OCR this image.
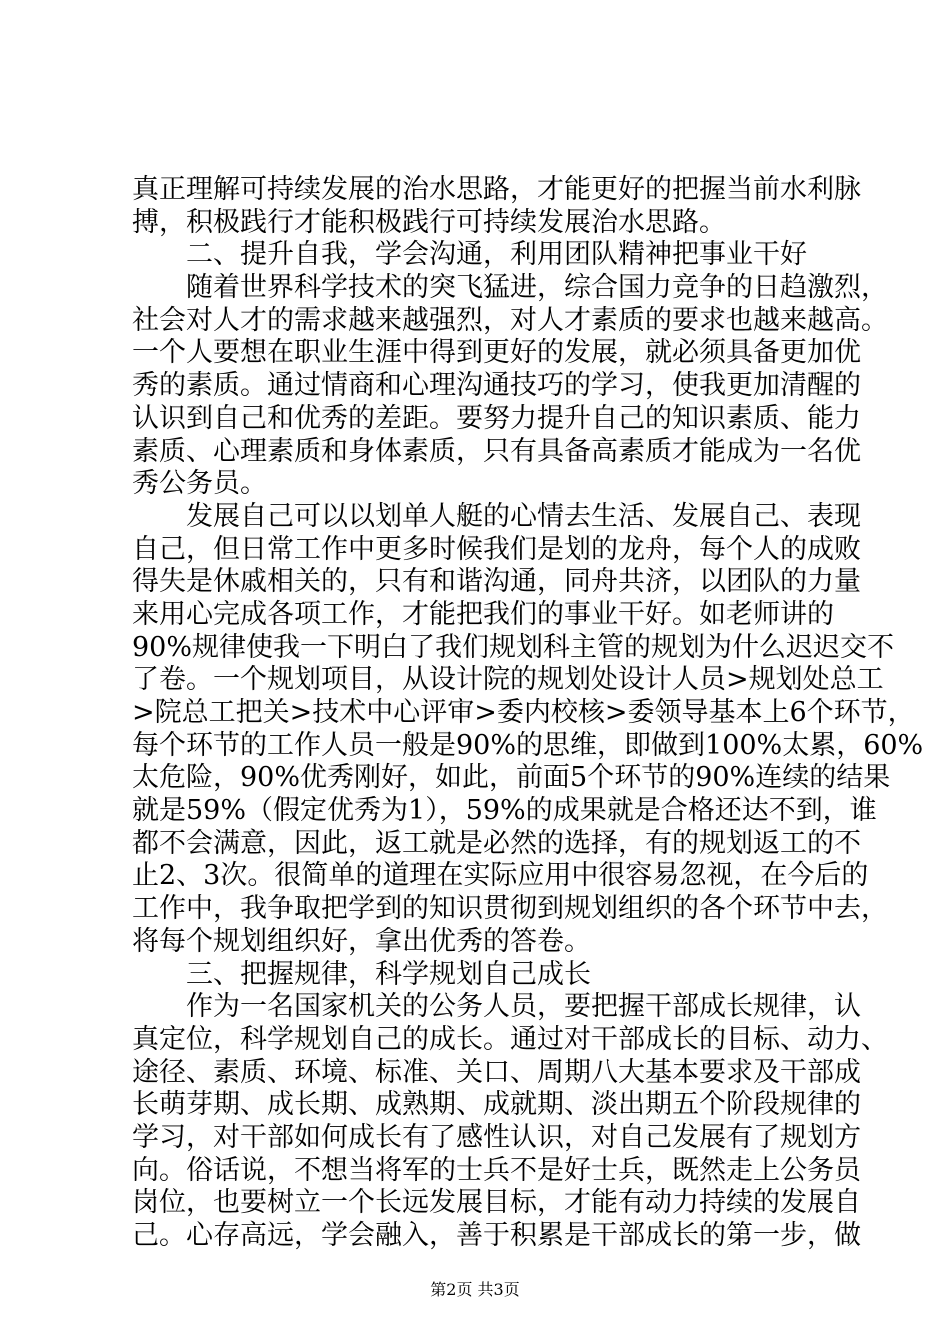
真正理解可持续发展的治水思路，才能更好的把握当前水利脉
搏，积极践行才能积极践行可持续发展治水思路。
二、提升自我，学会沟通，利用团队精神把事业干好
随着世界科学技术的突飞猛进，综合国力竞争的日趋激烈，
社会对人才的需求越来越强烈，对人才素质的要求也越来越高。
一个人要想在职业生涯中得到更好的发展，就必须具备更加优
秀的素质。通过情商和心理沟通技巧的学习，使我更加清醒的
认识到自己和优秀的差距。要努力提升自己的知识素质、能力
素质、心理素质和身体素质，只有具备高素质才能成为一名优
秀公务员。
发展自己可以以划单人艇的心情去生活、发展自己、表现
自己，但日常工作中更多时候我们是划的龙舟，每个人的成败
得失是休戚相关的，只有和谐沟通，同舟共济，以团队的力量
来用心完成各项工作，才能把我们的事业干好。如老师讲的
90%规律使我一下明白了我们规划科主管的规划为什么迟迟交不
了卷。一个规划项目，从设计院的规划处设计人员>规划处总工
>院总工把关>技术中心评审>委内校核>委领导基本上6个环节，
每个环节的工作人员一般是90%的思维，即做到100%太累，60%
太危险，90%优秀刚好，如此，前面5个环节的90%连续的结果
就是59%（假定优秀为1），59%的成果就是合格还达不到，谁
都不会满意，因此，返工就是必然的选择，有的规划返工的不
止2、3次。很简单的道理在实际应用中很容易忽视，在今后的
工作中，我争取把学到的知识贯彻到规划组织的各个环节中去，
将每个规划组织好，拿出优秀的答卷。
三、把握规律，科学规划自己成长
作为一名国家机关的公务人员，要把握干部成长规律，认
真定位，科学规划自己的成长。通过对干部成长的目标、动力、
途径、素质、环境、标准、关口、周期八大基本要求及干部成
长萌芽期、成长期、成熟期、成就期、淡出期五个阶段规律的
学习，对干部如何成长有了感性认识，对自己发展有了规划方
向。俗话说，不想当将军的士兵不是好士兵，既然走上公务员
岗位，也要树立一个长远发展目标，才能有动力持续的发展自
己。心存高远，学会融入，善于积累是干部成长的第一步，做
第2页 共3页
